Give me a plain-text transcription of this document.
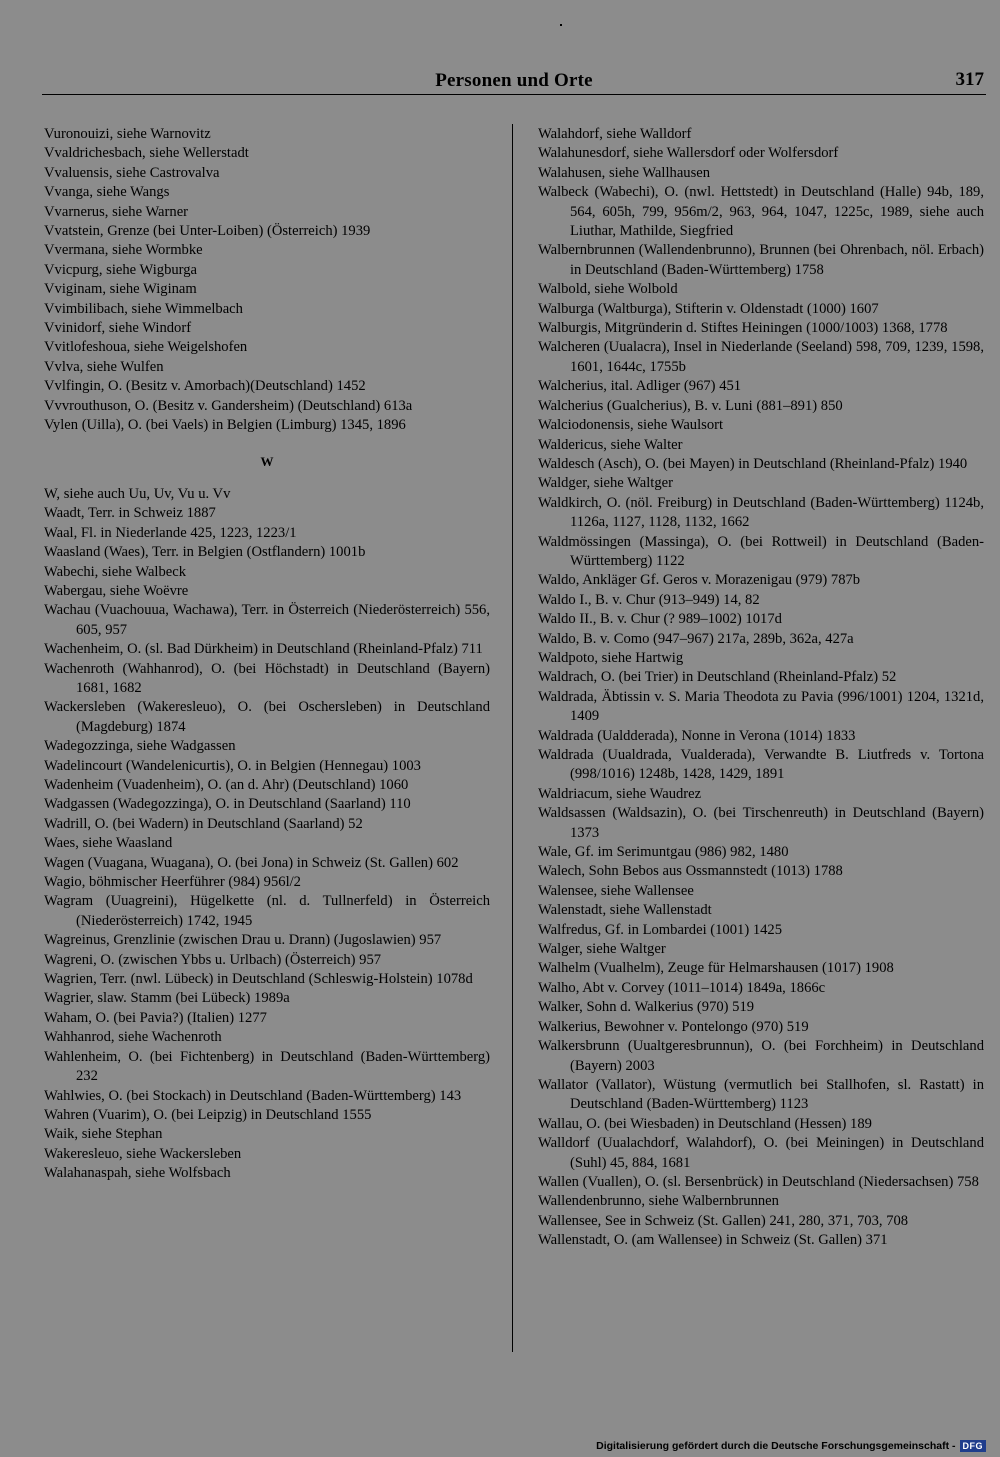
Personen und Orte	317

Vuronouizi, siehe Warnovitz

Vvaldrichesbach, siehe Wellerstadt

Vvaluensis, siehe Castrovalva

Vvanga, siehe Wangs

Vvarnerus, siehe Warner

Vvatstein, Grenze (bei Unter-Loiben) (Österreich) 1939

Vvermana, siehe Wormbke

Vvicpurg, siehe Wigburga

Vviginam, siehe Wiginam

Vvimbilibach, siehe Wimmelbach

Vvinidorf, siehe Windorf

Vvitlofeshoua, siehe Weigelshofen

Vvlva, siehe Wulfen

Vvlfingin, O. (Besitz v. Amorbach)(Deutschland) 1452

Vvvrouthuson, O. (Besitz v. Gandersheim) (Deutschland) 613a

Vylen (Uilla), O. (bei Vaels) in Belgien (Limburg) 1345, 1896

W

W, siehe auch Uu, Uv, Vu u. Vv

Waadt, Terr. in Schweiz 1887

Waal, Fl. in Niederlande 425, 1223, 1223/1

Waasland (Waes), Terr. in Belgien (Ostflandern) 1001b

Wabechi, siehe Walbeck

Wabergau, siehe Woëvre

Wachau (Vuachouua, Wachawa), Terr. in Österreich (Niederösterreich) 556, 605, 957

Wachenheim, O. (sl. Bad Dürkheim) in Deutschland (Rheinland-Pfalz) 711

Wachenroth (Wahhanrod), O. (bei Höchstadt) in Deutschland (Bayern) 1681, 1682

Wackersleben (Wakeresleuo), O. (bei Oschersleben) in Deutschland (Magdeburg) 1874

Wadegozzinga, siehe Wadgassen

Wadelincourt (Wandelenicurtis), O. in Belgien (Hennegau) 1003

Wadenheim (Vuadenheim), O. (an d. Ahr) (Deutschland) 1060

Wadgassen (Wadegozzinga), O. in Deutschland (Saarland) 110

Wadrill, O. (bei Wadern) in Deutschland (Saarland) 52

Waes, siehe Waasland

Wagen (Vuagana, Wuagana), O. (bei Jona) in Schweiz (St. Gallen) 602

Wagio, böhmischer Heerführer (984) 956l/2

Wagram (Uuagreini), Hügelkette (nl. d. Tullnerfeld) in Österreich (Niederösterreich) 1742, 1945

Wagreinus, Grenzlinie (zwischen Drau u. Drann) (Jugoslawien) 957

Wagreni, O. (zwischen Ybbs u. Urlbach) (Österreich) 957

Wagrien, Terr. (nwl. Lübeck) in Deutschland (Schleswig-Holstein) 1078d

Wagrier, slaw. Stamm (bei Lübeck) 1989a

Waham, O. (bei Pavia?) (Italien) 1277

Wahhanrod, siehe Wachenroth

Wahlenheim, O. (bei Fichtenberg) in Deutschland (Baden-Württemberg) 232

Wahlwies, O. (bei Stockach) in Deutschland (Baden-Württemberg) 143

Wahren (Vuarim), O. (bei Leipzig) in Deutschland 1555

Waik, siehe Stephan

Wakeresleuo, siehe Wackersleben

Walahanaspah, siehe Wolfsbach

Walahdorf, siehe Walldorf

Walahunesdorf, siehe Wallersdorf oder Wolfersdorf

Walahusen, siehe Wallhausen

Walbeck (Wabechi), O. (nwl. Hettstedt) in Deutschland (Halle) 94b, 189, 564, 605h, 799, 956m/2, 963, 964, 1047, 1225c, 1989, siehe auch Liuthar, Mathilde, Siegfried

Walbernbrunnen (Wallendenbrunno), Brunnen (bei Ohrenbach, nöl. Erbach) in Deutschland (Baden-Württemberg) 1758

Walbold, siehe Wolbold

Walburga (Waltburga), Stifterin v. Oldenstadt (1000) 1607

Walburgis, Mitgründerin d. Stiftes Heiningen (1000/1003) 1368, 1778

Walcheren (Uualacra), Insel in Niederlande (Seeland) 598, 709, 1239, 1598, 1601, 1644c, 1755b

Walcherius, ital. Adliger (967) 451

Walcherius (Gualcherius), B. v. Luni (881–891) 850

Walciodonensis, siehe Waulsort

Waldericus, siehe Walter

Waldesch (Asch), O. (bei Mayen) in Deutschland (Rheinland-Pfalz) 1940

Waldger, siehe Waltger

Waldkirch, O. (nöl. Freiburg) in Deutschland (Baden-Württemberg) 1124b, 1126a, 1127, 1128, 1132, 1662

Waldmössingen (Massinga), O. (bei Rottweil) in Deutschland (Baden-Württemberg) 1122

Waldo, Ankläger Gf. Geros v. Morazenigau (979) 787b

Waldo I., B. v. Chur (913–949) 14, 82

Waldo II., B. v. Chur (? 989–1002) 1017d

Waldo, B. v. Como (947–967) 217a, 289b, 362a, 427a

Waldpoto, siehe Hartwig

Waldrach, O. (bei Trier) in Deutschland (Rheinland-Pfalz) 52

Waldrada, Äbtissin v. S. Maria Theodota zu Pavia (996/1001) 1204, 1321d, 1409

Waldrada (Ualdderada), Nonne in Verona (1014) 1833

Waldrada (Uualdrada, Vualderada), Verwandte B. Liutfreds v. Tortona (998/1016) 1248b, 1428, 1429, 1891

Waldriacum, siehe Waudrez

Waldsassen (Waldsazin), O. (bei Tirschenreuth) in Deutschland (Bayern) 1373

Wale, Gf. im Serimuntgau (986) 982, 1480

Walech, Sohn Bebos aus Ossmannstedt (1013) 1788

Walensee, siehe Wallensee

Walenstadt, siehe Wallenstadt

Walfredus, Gf. in Lombardei (1001) 1425

Walger, siehe Waltger

Walhelm (Vualhelm), Zeuge für Helmarshausen (1017) 1908

Walho, Abt v. Corvey (1011–1014) 1849a, 1866c

Walker, Sohn d. Walkerius (970) 519

Walkerius, Bewohner v. Pontelongo (970) 519

Walkersbrunn (Uualtgeresbrunnun), O. (bei Forchheim) in Deutschland (Bayern) 2003

Wallator (Vallator), Wüstung (vermutlich bei Stallhofen, sl. Rastatt) in Deutschland (Baden-Württemberg) 1123

Wallau, O. (bei Wiesbaden) in Deutschland (Hessen) 189

Walldorf (Uualachdorf, Walahdorf), O. (bei Meiningen) in Deutschland (Suhl) 45, 884, 1681

Wallen (Vuallen), O. (sl. Bersenbrück) in Deutschland (Niedersachsen) 758

Wallendenbrunno, siehe Walbernbrunnen

Wallensee, See in Schweiz (St. Gallen) 241, 280, 371, 703, 708

Wallenstadt, O. (am Wallensee) in Schweiz (St. Gallen) 371

Digitalisierung gefördert durch die Deutsche Forschungsgemeinschaft - DFG
